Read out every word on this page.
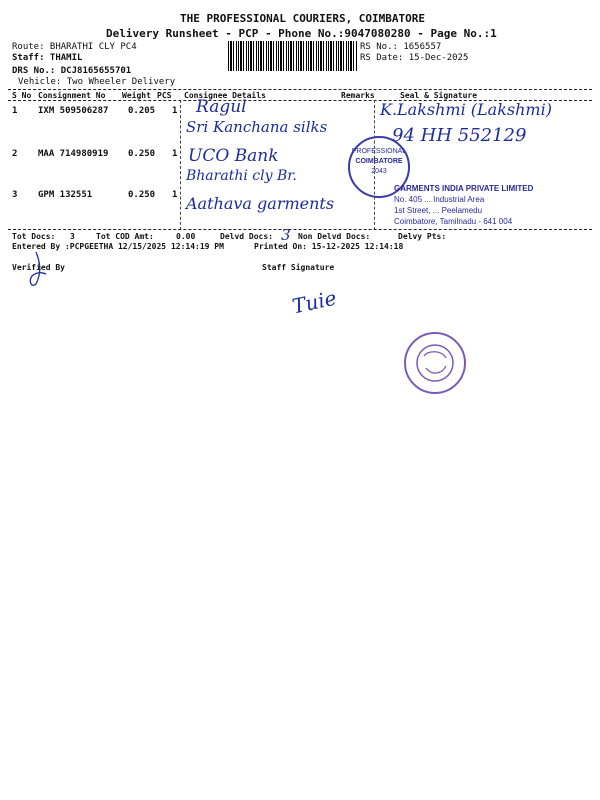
THE PROFESSIONAL COURIERS, COIMBATORE
Delivery Runsheet - PCP - Phone No.:9047080280 - Page No.:1
Route: BHARATHI CLY PC4
Staff: THAMIL
DRS No.: DCJ8165655701
Vehicle: Two Wheeler Delivery
RS No.: 1656557
RS Date: 15-Dec-2025
S No Consignment No Weight PCS Consignee Details	Remarks	Seal & Signature
1 IXM 509506287 0.205 1 Ragul
Sri Kanchana silks
2 MAA 714980919 0.250 1 UCO Bank
Bharathi cly Br.
3 GPM 132551	0.250 1 Aathava garments
K.Lakshmi (Lakshmi)
94 HH 552129
PROFESSIONAL
COIMBATORE
2043
GARMENTS INDIA PRIVATE LIMITED
No. 405 ... Industrial Area
1st Street, ... Peelamedu
Coimbatore, Tamilnadu - 641 004
Tot Docs: 3	Tot COD Amt:	0.00	Delvd Docs: 3 Non Delvd Docs:	Delvy Pts:
Entered By :PCPGEETHA 12/15/2025 12:14:19 PM	Printed On: 15-12-2025 12:14:18
Verified By	Staff Signature
Tuie
